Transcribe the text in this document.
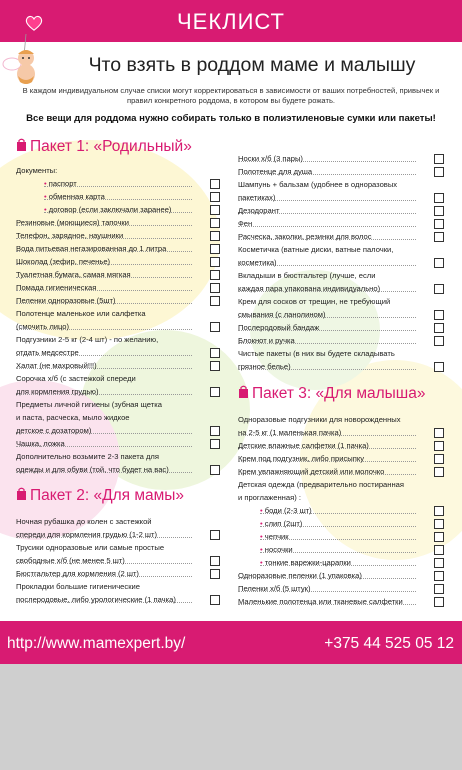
ЧЕКЛИСТ
Что взять в роддом маме и малышу
В каждом индивидуальном случае списки могут корректироваться в зависимости от ваших потребностей, привычек и правил конкретного роддома, в котором вы будете рожать.
Все вещи для роддома нужно собирать только в полиэтиленовые сумки или пакеты!
Пакет 1: «Родильный»
Документы:
• паспорт
• обменная карта
• договор (если заключали заранее)
Резиновые (моющиеся) тапочки
Телефон, зарядное, наушники
Вода питьевая негазированная до 1 литра
Шоколад (зефир, печенье)
Туалетная бумага, самая мягкая
Помада гигиеническая
Пеленки одноразовые (5шт)
Полотенце маленькое или салфетка
(смочить лицо)
Подгузники 2-5 кг (2-4 шт) - по желанию,
отдать медсестре
Халат (не махровый!!!)
Сорочка х/б (с застежкой спереди
для кормления грудью)
Предметы личной гигиены (зубная щетка
и паста, расческа, мыло жидкое
детское с дозатором)
Чашка, ложка
Дополнительно возьмите 2-3 пакета для
одежды и для обуви (той, что будет на вас)
Пакет 2: «Для мамы»
Ночная рубашка до колен с застежкой
спереди для кормления грудью (1-2 шт)
Трусики одноразовые или самые простые
свободные х/б (не менее 5 шт)
Бюстгальтер для кормления (2 шт)
Прокладки большие гигиенические
послеродовые, либо урологические (1 пачка)
Носки х/б (3 пары)
Полотенце для душа
Шампунь + бальзам (удобнее в одноразовых
пакетиках)
Дезодорант
Фен
Расческа, заколки, резинки для волос
Косметичка (ватные диски, ватные палочки,
косметика)
Вкладыши в бюстгальтер (лучше, если
каждая пара упакована индивидуально)
Крем для сосков от трещин, не требующий
смывания (с ланолином)
Послеродовый бандаж
Блокнот и ручка
Чистые пакеты (в них вы будете складывать
грязное белье)
Пакет 3: «Для малыша»
Одноразовые подгузники для новорожденных
на 2-5 кг (1 маленькая пачка)
Детские влажные салфетки (1 пачка)
Крем под подгузник, либо присыпку
Крем увлажняющий детский или молочко
Детская одежда (предварительно постиранная
и проглаженная) :
• боди (2-3 шт)
• слип (2шт)
• чепчик
• носочки
• тонкие варежки-царапки
Одноразовые пеленки (1 упаковка)
Пеленки х/б (5 штук)
Маленькие полотенца или тканевые салфетки
http://www.mamexpert.by/	+375 44 525 05 12
